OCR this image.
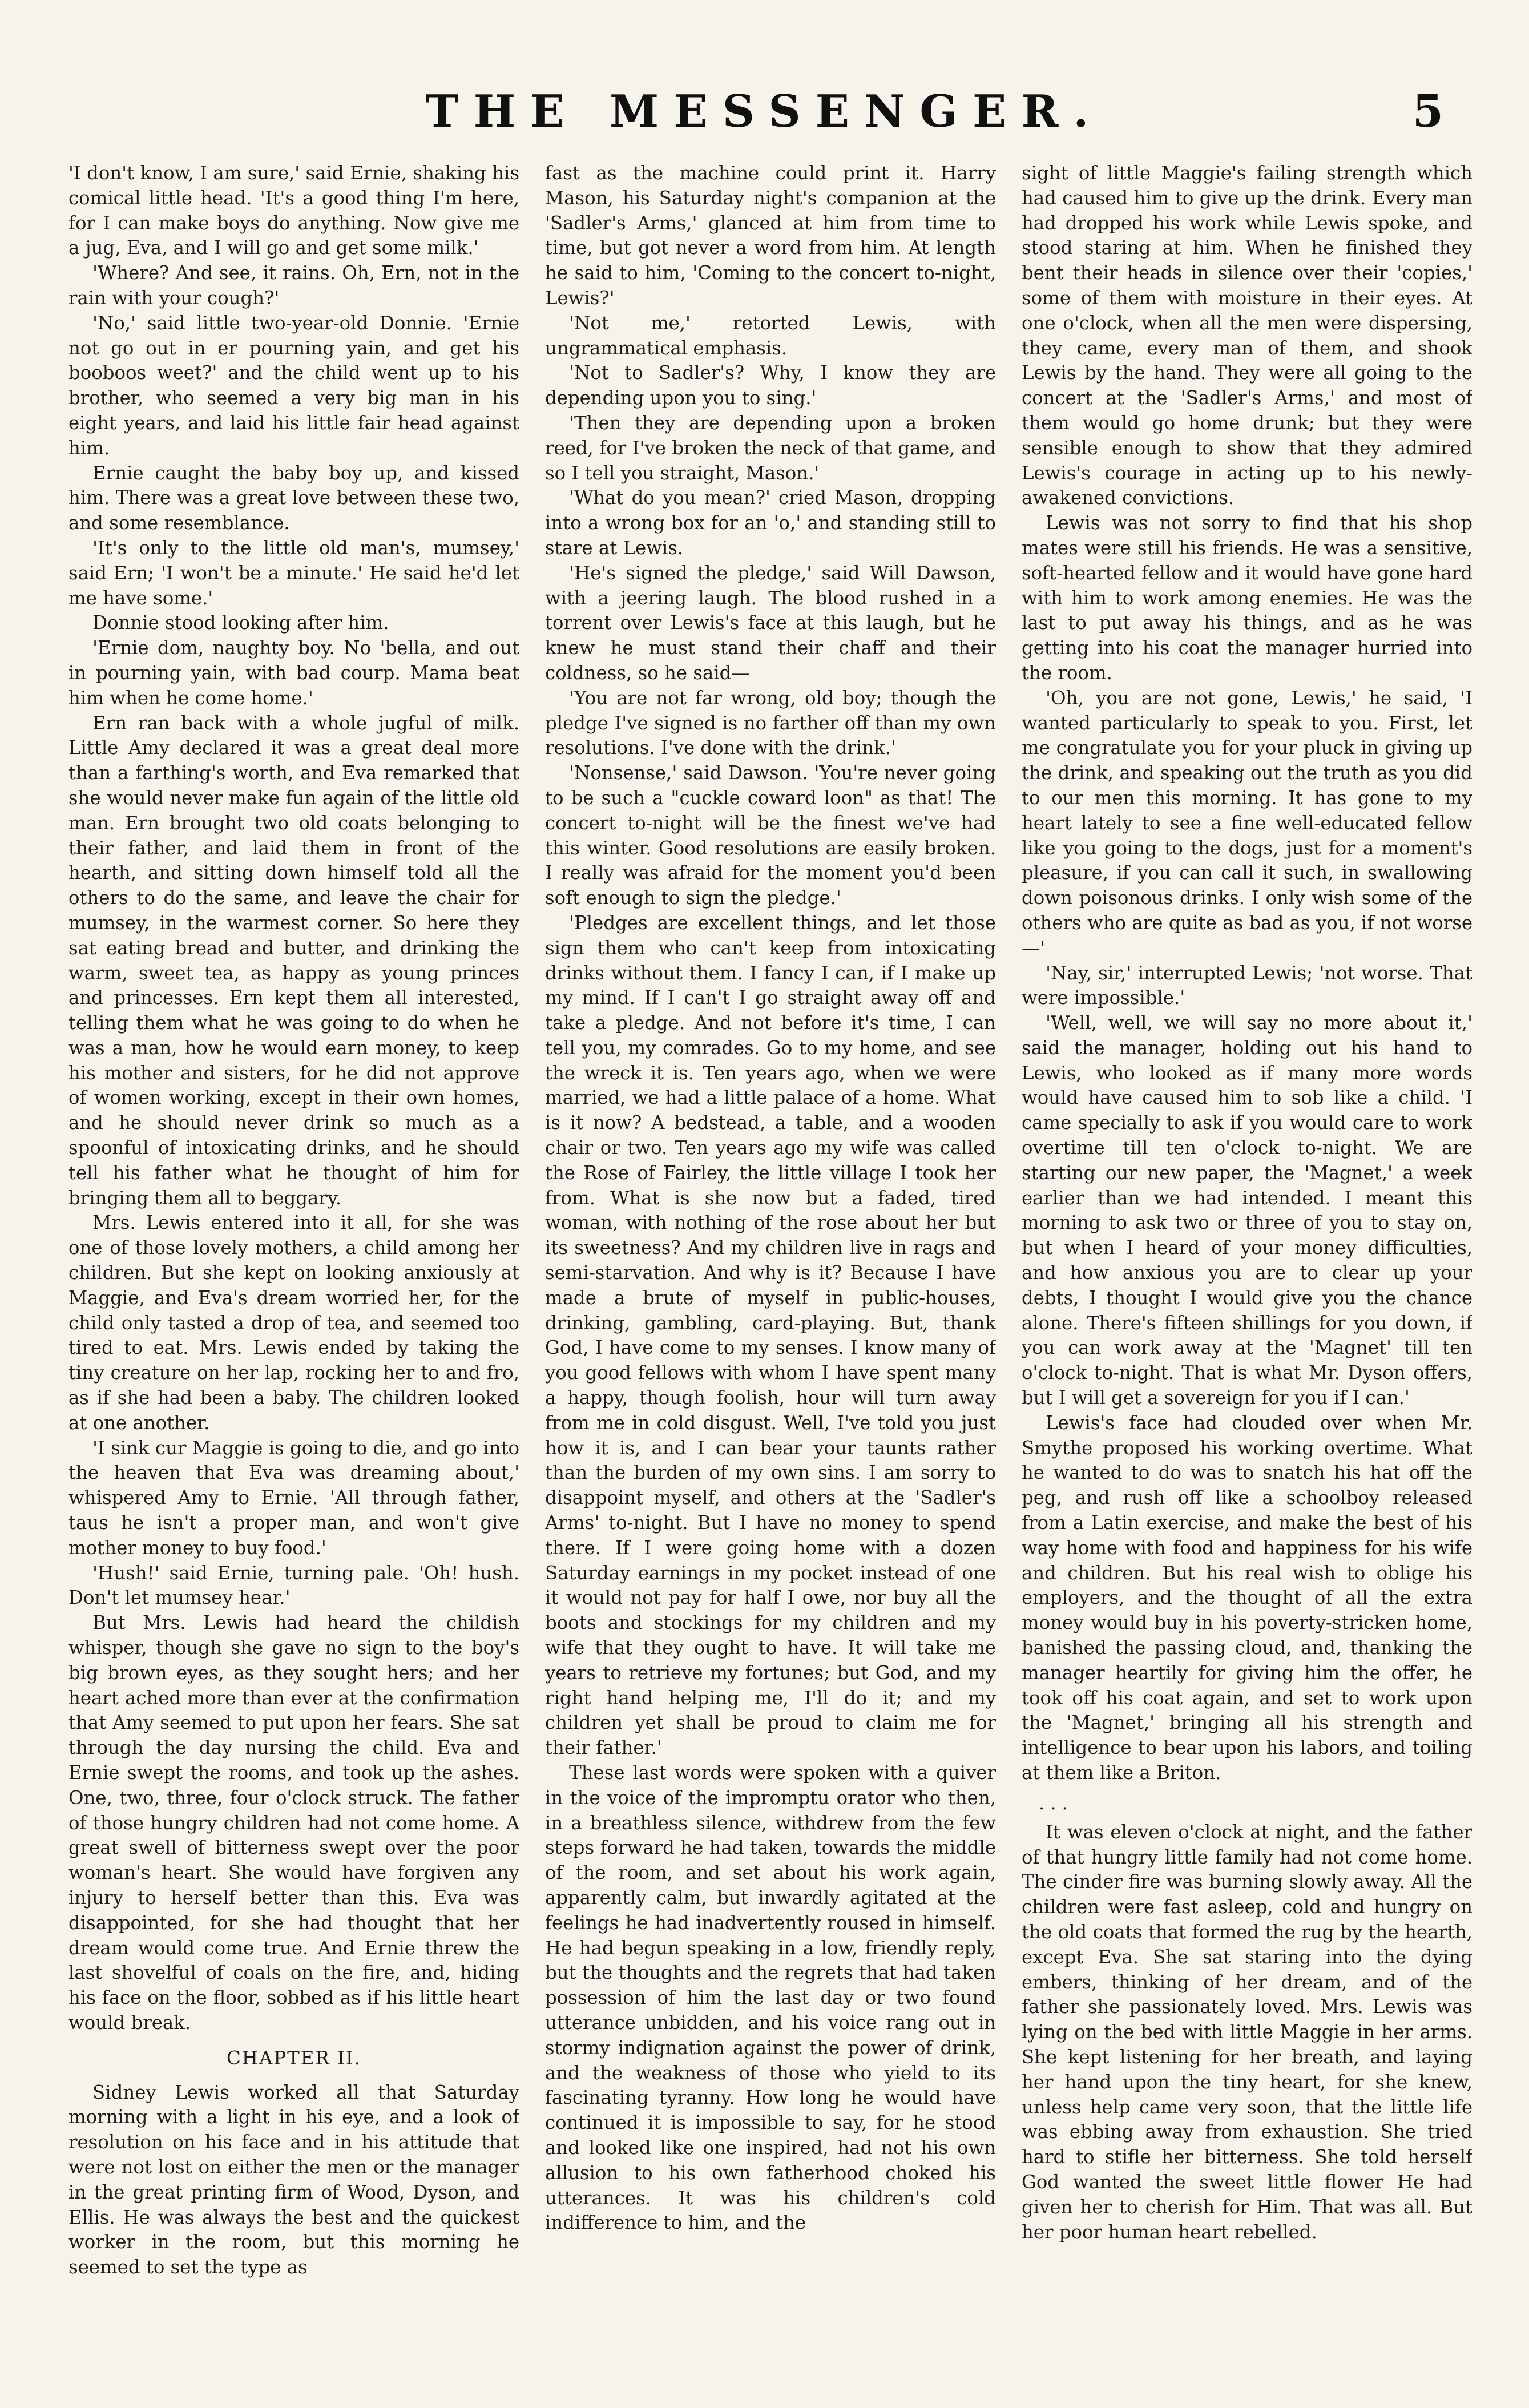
THE MESSENGER.	5

'I don't know, I am sure,' said Ernie, shaking his comical little head. 'It's a good thing I'm here, for I can make boys do anything. Now give me a jug, Eva, and I will go and get some milk.'

'Where? And see, it rains. Oh, Ern, not in the rain with your cough?'

'No,' said little two-year-old Donnie. 'Ernie not go out in er pourning yain, and get his booboos weet?' and the child went up to his brother, who seemed a very big man in his eight years, and laid his little fair head against him.

Ernie caught the baby boy up, and kissed him. There was a great love between these two, and some resemblance.

'It's only to the little old man's, mumsey,' said Ern; 'I won't be a minute.' He said he'd let me have some.'

Donnie stood looking after him.

'Ernie dom, naughty boy. No 'bella, and out in pourning yain, with bad courp. Mama beat him when he come home.'

Ern ran back with a whole jugful of milk. Little Amy declared it was a great deal more than a farthing's worth, and Eva remarked that she would never make fun again of the little old man. Ern brought two old coats belonging to their father, and laid them in front of the hearth, and sitting down himself told all the others to do the same, and leave the chair for mumsey, in the warmest corner. So here they sat eating bread and butter, and drinking the warm, sweet tea, as happy as young princes and princesses. Ern kept them all interested, telling them what he was going to do when he was a man, how he would earn money, to keep his mother and sisters, for he did not approve of women working, except in their own homes, and he should never drink so much as a spoonful of intoxicating drinks, and he should tell his father what he thought of him for bringing them all to beggary.

Mrs. Lewis entered into it all, for she was one of those lovely mothers, a child among her children. But she kept on looking anxiously at Maggie, and Eva's dream worried her, for the child only tasted a drop of tea, and seemed too tired to eat. Mrs. Lewis ended by taking the tiny creature on her lap, rocking her to and fro, as if she had been a baby. The children looked at one another.

'I sink cur Maggie is going to die, and go into the heaven that Eva was dreaming about,' whispered Amy to Ernie. 'All through father, taus he isn't a proper man, and won't give mother money to buy food.'

'Hush!' said Ernie, turning pale. 'Oh! hush. Don't let mumsey hear.'

But Mrs. Lewis had heard the childish whisper, though she gave no sign to the boy's big brown eyes, as they sought hers; and her heart ached more than ever at the confirmation that Amy seemed to put upon her fears. She sat through the day nursing the child. Eva and Ernie swept the rooms, and took up the ashes. One, two, three, four o'clock struck. The father of those hungry children had not come home. A great swell of bitterness swept over the poor woman's heart. She would have forgiven any injury to herself better than this. Eva was disappointed, for she had thought that her dream would come true. And Ernie threw the last shovelful of coals on the fire, and, hiding his face on the floor, sobbed as if his little heart would break.

CHAPTER II.

Sidney Lewis worked all that Saturday morning with a light in his eye, and a look of resolution on his face and in his attitude that were not lost on either the men or the manager in the great printing firm of Wood, Dyson, and Ellis. He was always the best and the quickest worker in the room, but this morning he seemed to set the type as

fast as the machine could print it. Harry Mason, his Saturday night's companion at the 'Sadler's Arms,' glanced at him from time to time, but got never a word from him. At length he said to him, 'Coming to the concert to-night, Lewis?'

'Not me,' retorted Lewis, with ungrammatical emphasis.

'Not to Sadler's? Why, I know they are depending upon you to sing.'

'Then they are depending upon a broken reed, for I've broken the neck of that game, and so I tell you straight, Mason.'

'What do you mean?' cried Mason, dropping into a wrong box for an 'o,' and standing still to stare at Lewis.

'He's signed the pledge,' said Will Dawson, with a jeering laugh. The blood rushed in a torrent over Lewis's face at this laugh, but he knew he must stand their chaff and their coldness, so he said—

'You are not far wrong, old boy; though the pledge I've signed is no farther off than my own resolutions. I've done with the drink.'

'Nonsense,' said Dawson. 'You're never going to be such a "cuckle coward loon" as that! The concert to-night will be the finest we've had this winter. Good resolutions are easily broken. I really was afraid for the moment you'd been soft enough to sign the pledge.'

'Pledges are excellent things, and let those sign them who can't keep from intoxicating drinks without them. I fancy I can, if I make up my mind. If I can't I go straight away off and take a pledge. And not before it's time, I can tell you, my comrades. Go to my home, and see the wreck it is. Ten years ago, when we were married, we had a little palace of a home. What is it now? A bedstead, a table, and a wooden chair or two. Ten years ago my wife was called the Rose of Fairley, the little village I took her from. What is she now but a faded, tired woman, with nothing of the rose about her but its sweetness? And my children live in rags and semi-starvation. And why is it? Because I have made a brute of myself in public-houses, drinking, gambling, card-playing. But, thank God, I have come to my senses. I know many of you good fellows with whom I have spent many a happy, though foolish, hour will turn away from me in cold disgust. Well, I've told you just how it is, and I can bear your taunts rather than the burden of my own sins. I am sorry to disappoint myself, and others at the 'Sadler's Arms' to-night. But I have no money to spend there. If I were going home with a dozen Saturday earnings in my pocket instead of one it would not pay for half I owe, nor buy all the boots and stockings for my children and my wife that they ought to have. It will take me years to retrieve my fortunes; but God, and my right hand helping me, I'll do it; and my children yet shall be proud to claim me for their father.'

These last words were spoken with a quiver in the voice of the impromptu orator who then, in a breathless silence, withdrew from the few steps forward he had taken, towards the middle of the room, and set about his work again, apparently calm, but inwardly agitated at the feelings he had inadvertently roused in himself. He had begun speaking in a low, friendly reply, but the thoughts and the regrets that had taken possession of him the last day or two found utterance unbidden, and his voice rang out in stormy indignation against the power of drink, and the weakness of those who yield to its fascinating tyranny. How long he would have continued it is impossible to say, for he stood and looked like one inspired, had not his own allusion to his own fatherhood choked his utterances. It was his children's cold indifference to him, and the

sight of little Maggie's failing strength which had caused him to give up the drink. Every man had dropped his work while Lewis spoke, and stood staring at him. When he finished they bent their heads in silence over their 'copies,' some of them with moisture in their eyes. At one o'clock, when all the men were dispersing, they came, every man of them, and shook Lewis by the hand. They were all going to the concert at the 'Sadler's Arms,' and most of them would go home drunk; but they were sensible enough to show that they admired Lewis's courage in acting up to his newly-awakened convictions.

Lewis was not sorry to find that his shop mates were still his friends. He was a sensitive, soft-hearted fellow and it would have gone hard with him to work among enemies. He was the last to put away his things, and as he was getting into his coat the manager hurried into the room.

'Oh, you are not gone, Lewis,' he said, 'I wanted particularly to speak to you. First, let me congratulate you for your pluck in giving up the drink, and speaking out the truth as you did to our men this morning. It has gone to my heart lately to see a fine well-educated fellow like you going to the dogs, just for a moment's pleasure, if you can call it such, in swallowing down poisonous drinks. I only wish some of the others who are quite as bad as you, if not worse—'

'Nay, sir,' interrupted Lewis; 'not worse. That were impossible.'

'Well, well, we will say no more about it,' said the manager, holding out his hand to Lewis, who looked as if many more words would have caused him to sob like a child. 'I came specially to ask if you would care to work overtime till ten o'clock to-night. We are starting our new paper, the 'Magnet,' a week earlier than we had intended. I meant this morning to ask two or three of you to stay on, but when I heard of your money difficulties, and how anxious you are to clear up your debts, I thought I would give you the chance alone. There's fifteen shillings for you down, if you can work away at the 'Magnet' till ten o'clock to-night. That is what Mr. Dyson offers, but I will get a sovereign for you if I can.'

Lewis's face had clouded over when Mr. Smythe proposed his working overtime. What he wanted to do was to snatch his hat off the peg, and rush off like a schoolboy released from a Latin exercise, and make the best of his way home with food and happiness for his wife and children. But his real wish to oblige his employers, and the thought of all the extra money would buy in his poverty-stricken home, banished the passing cloud, and, thanking the manager heartily for giving him the offer, he took off his coat again, and set to work upon the 'Magnet,' bringing all his strength and intelligence to bear upon his labors, and toiling at them like a Briton.

. . .

It was eleven o'clock at night, and the father of that hungry little family had not come home. The cinder fire was burning slowly away. All the children were fast asleep, cold and hungry on the old coats that formed the rug by the hearth, except Eva. She sat staring into the dying embers, thinking of her dream, and of the father she passionately loved. Mrs. Lewis was lying on the bed with little Maggie in her arms. She kept listening for her breath, and laying her hand upon the tiny heart, for she knew, unless help came very soon, that the little life was ebbing away from exhaustion. She tried hard to stifle her bitterness. She told herself God wanted the sweet little flower He had given her to cherish for Him. That was all. But her poor human heart rebelled.
